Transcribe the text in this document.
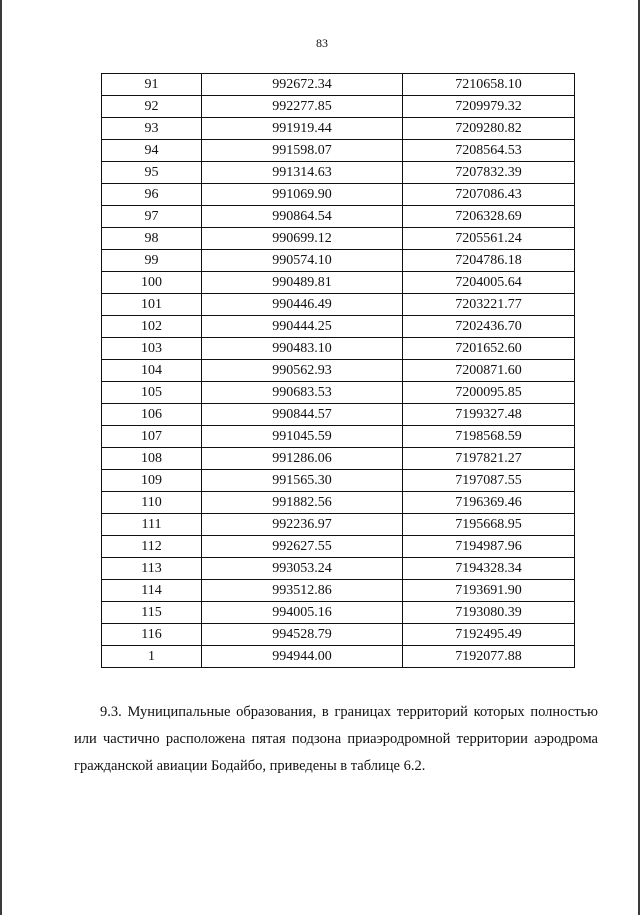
83
91	992672.34	7210658.10
92	992277.85	7209979.32
93	991919.44	7209280.82
94	991598.07	7208564.53
95	991314.63	7207832.39
96	991069.90	7207086.43
97	990864.54	7206328.69
98	990699.12	7205561.24
99	990574.10	7204786.18
100	990489.81	7204005.64
101	990446.49	7203221.77
102	990444.25	7202436.70
103	990483.10	7201652.60
104	990562.93	7200871.60
105	990683.53	7200095.85
106	990844.57	7199327.48
107	991045.59	7198568.59
108	991286.06	7197821.27
109	991565.30	7197087.55
110	991882.56	7196369.46
111	992236.97	7195668.95
112	992627.55	7194987.96
113	993053.24	7194328.34
114	993512.86	7193691.90
115	994005.16	7193080.39
116	994528.79	7192495.49
1	994944.00	7192077.88
9.3. Муниципальные образования, в границах территорий которых полностью
или частично расположена пятая подзона приаэродромной территории аэродрома
гражданской авиации Бодайбо, приведены в таблице 6.2.
